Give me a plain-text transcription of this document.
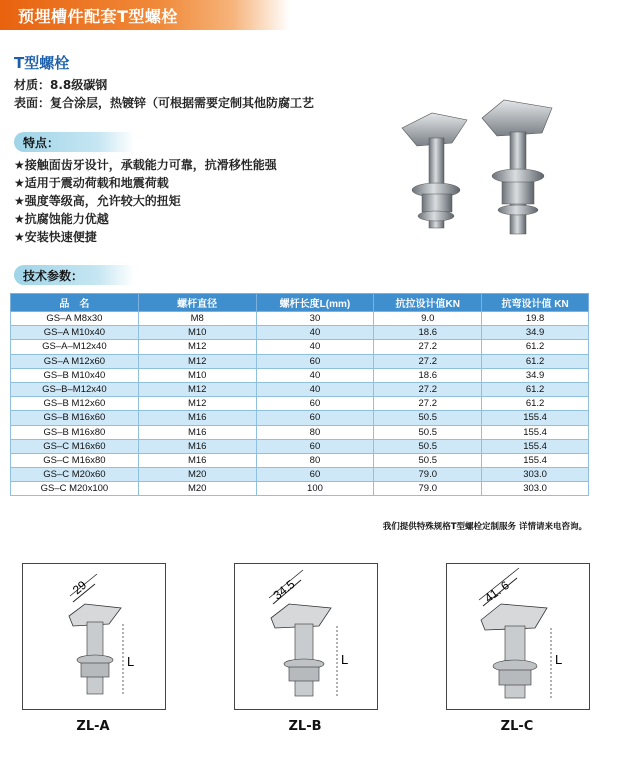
预埋槽件配套T型螺栓
T型螺栓
材质：8.8级碳钢
表面：复合涂层，热镀锌（可根据需要定制其他防腐工艺
特点：
★接触面齿牙设计，承载能力可靠，抗滑移性能强
★适用于震动荷载和地震荷载
★强度等级高，允许较大的扭矩
★抗腐蚀能力优越
★安装快速便捷
技术参数：
品　名	螺杆直径	螺杆长度L(mm)	抗拉设计值KN	抗弯设计值 KN
GS–A M8x30	M8	30	9.0	19.8
GS–A M10x40	M10	40	18.6	34.9
GS–A–M12x40	M12	40	27.2	61.2
GS–A M12x60	M12	60	27.2	61.2
GS–B M10x40	M10	40	18.6	34.9
GS–B–M12x40	M12	40	27.2	61.2
GS–B M12x60	M12	60	27.2	61.2
GS–B M16x60	M16	60	50.5	155.4
GS–B M16x80	M16	80	50.5	155.4
GS–C M16x60	M16	60	50.5	155.4
GS–C M16x80	M16	80	50.5	155.4
GS–C M20x60	M20	60	79.0	303.0
GS–C M20x100	M20	100	79.0	303.0
我们提供特殊规格T型螺栓定制服务 详情请来电咨询。
29
L
34.5
L
41. 6
L
ZL-A	ZL-B	ZL-C
